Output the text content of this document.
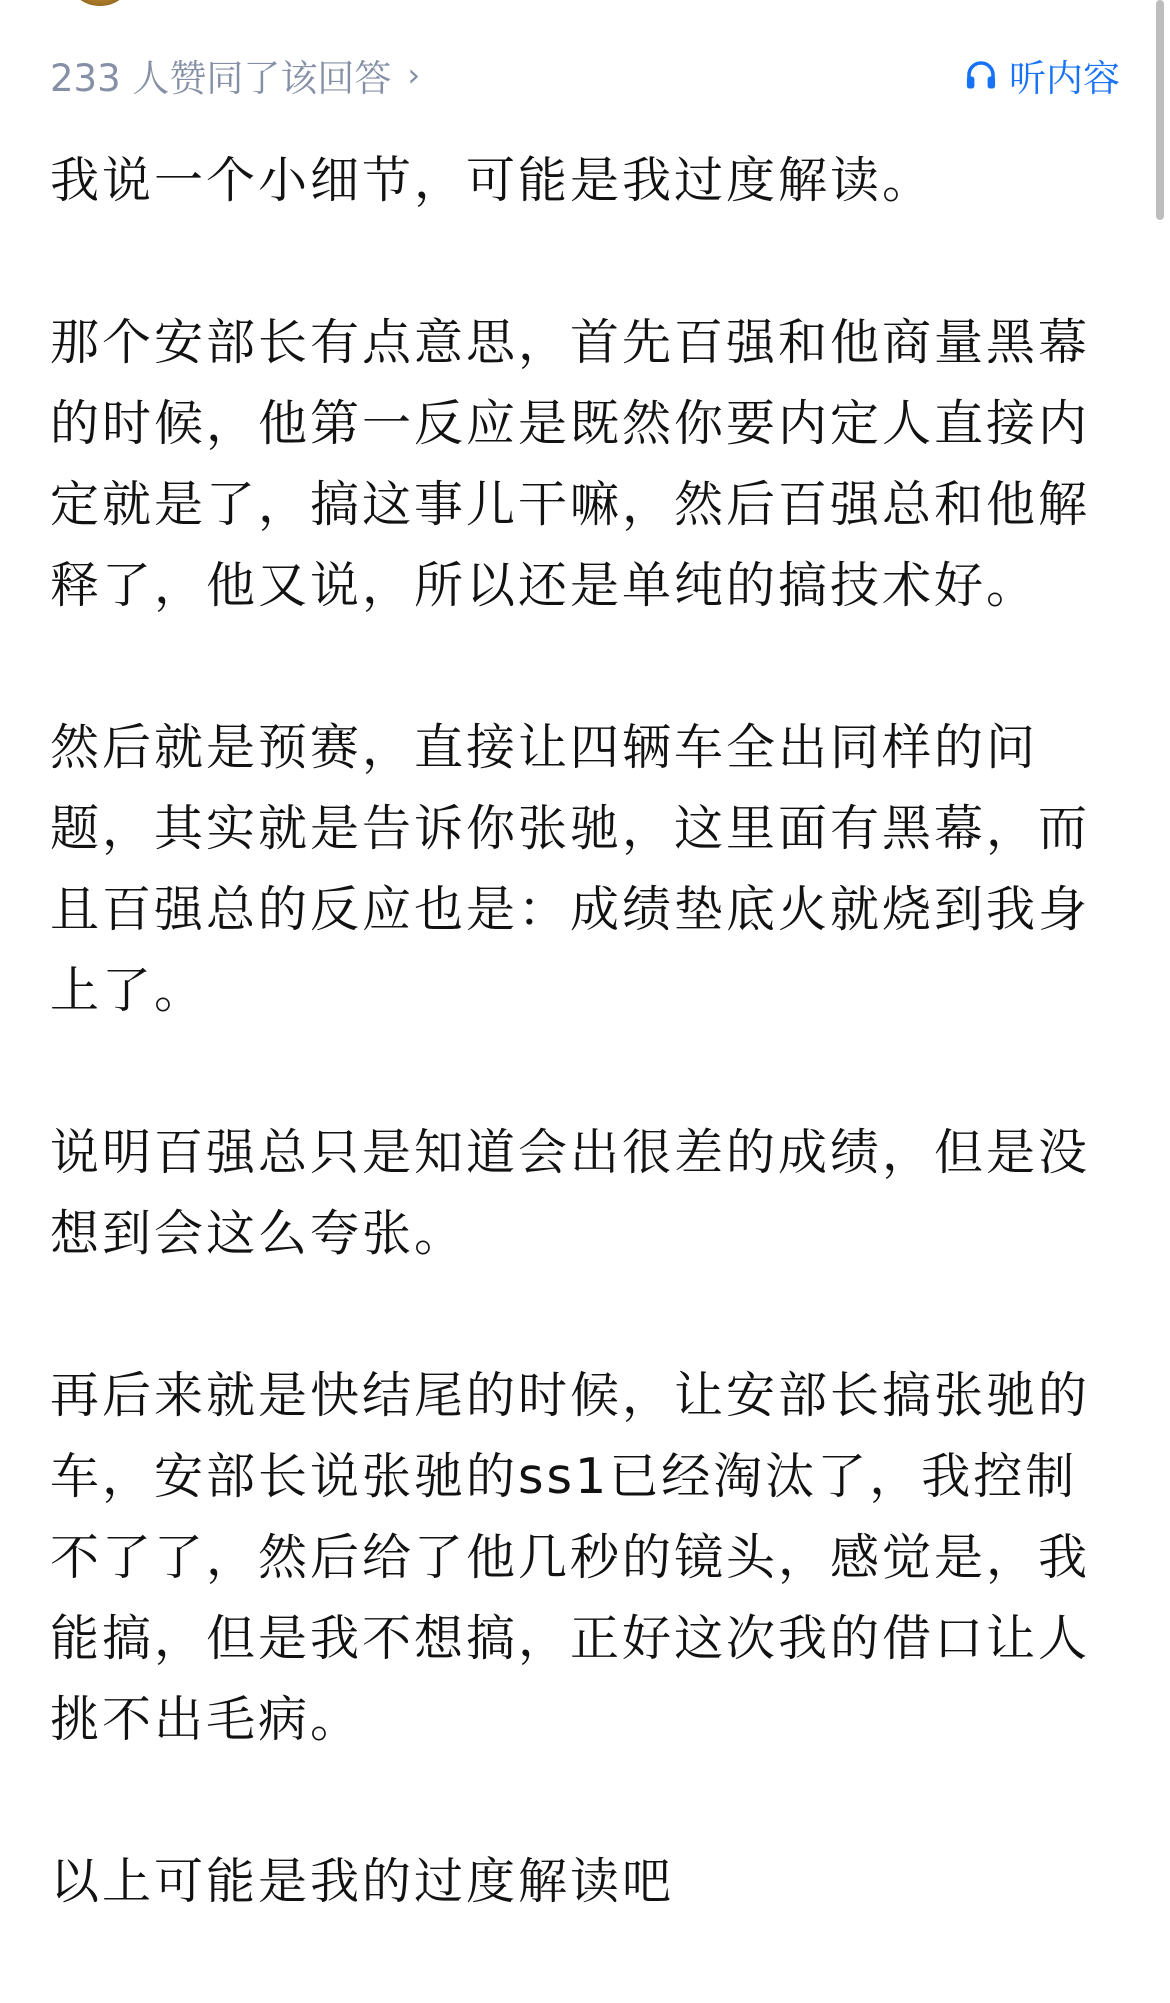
233 人赞同了该回答 ›	听内容

我说一个小细节，可能是我过度解读。

那个安部长有点意思，首先百强和他商量黑幕的时候，他第一反应是既然你要内定人直接内定就是了，搞这事儿干嘛，然后百强总和他解释了，他又说，所以还是单纯的搞技术好。

然后就是预赛，直接让四辆车全出同样的问题，其实就是告诉你张驰，这里面有黑幕，而且百强总的反应也是：成绩垫底火就烧到我身上了。

说明百强总只是知道会出很差的成绩，但是没想到会这么夸张。

再后来就是快结尾的时候，让安部长搞张驰的车，安部长说张驰的ss1已经淘汰了，我控制不了了，然后给了他几秒的镜头，感觉是，我能搞，但是我不想搞，正好这次我的借口让人挑不出毛病。

以上可能是我的过度解读吧
